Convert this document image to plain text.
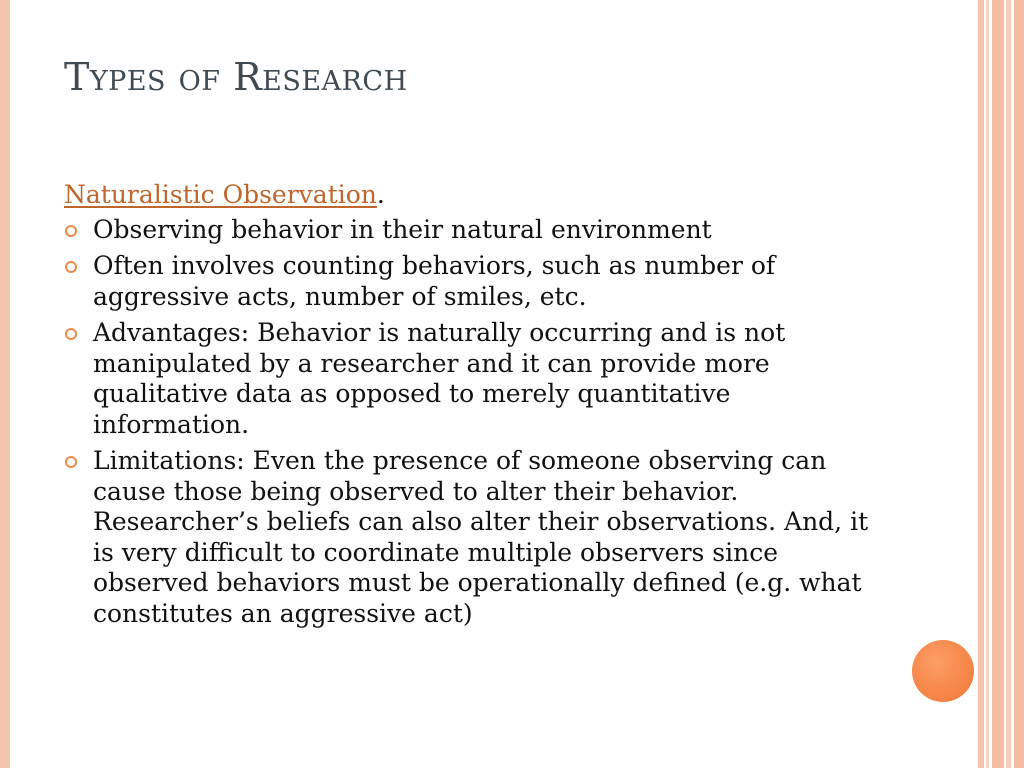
Types of Research

Naturalistic Observation.

Observing behavior in their natural environment
Often involves counting behaviors, such as number of aggressive acts, number of smiles, etc.
Advantages: Behavior is naturally occurring and is not manipulated by a researcher and it can provide more qualitative data as opposed to merely quantitative information.
Limitations: Even the presence of someone observing can cause those being observed to alter their behavior. Researcher’s beliefs can also alter their observations. And, it is very difficult to coordinate multiple observers since observed behaviors must be operationally defined (e.g. what constitutes an aggressive act)
